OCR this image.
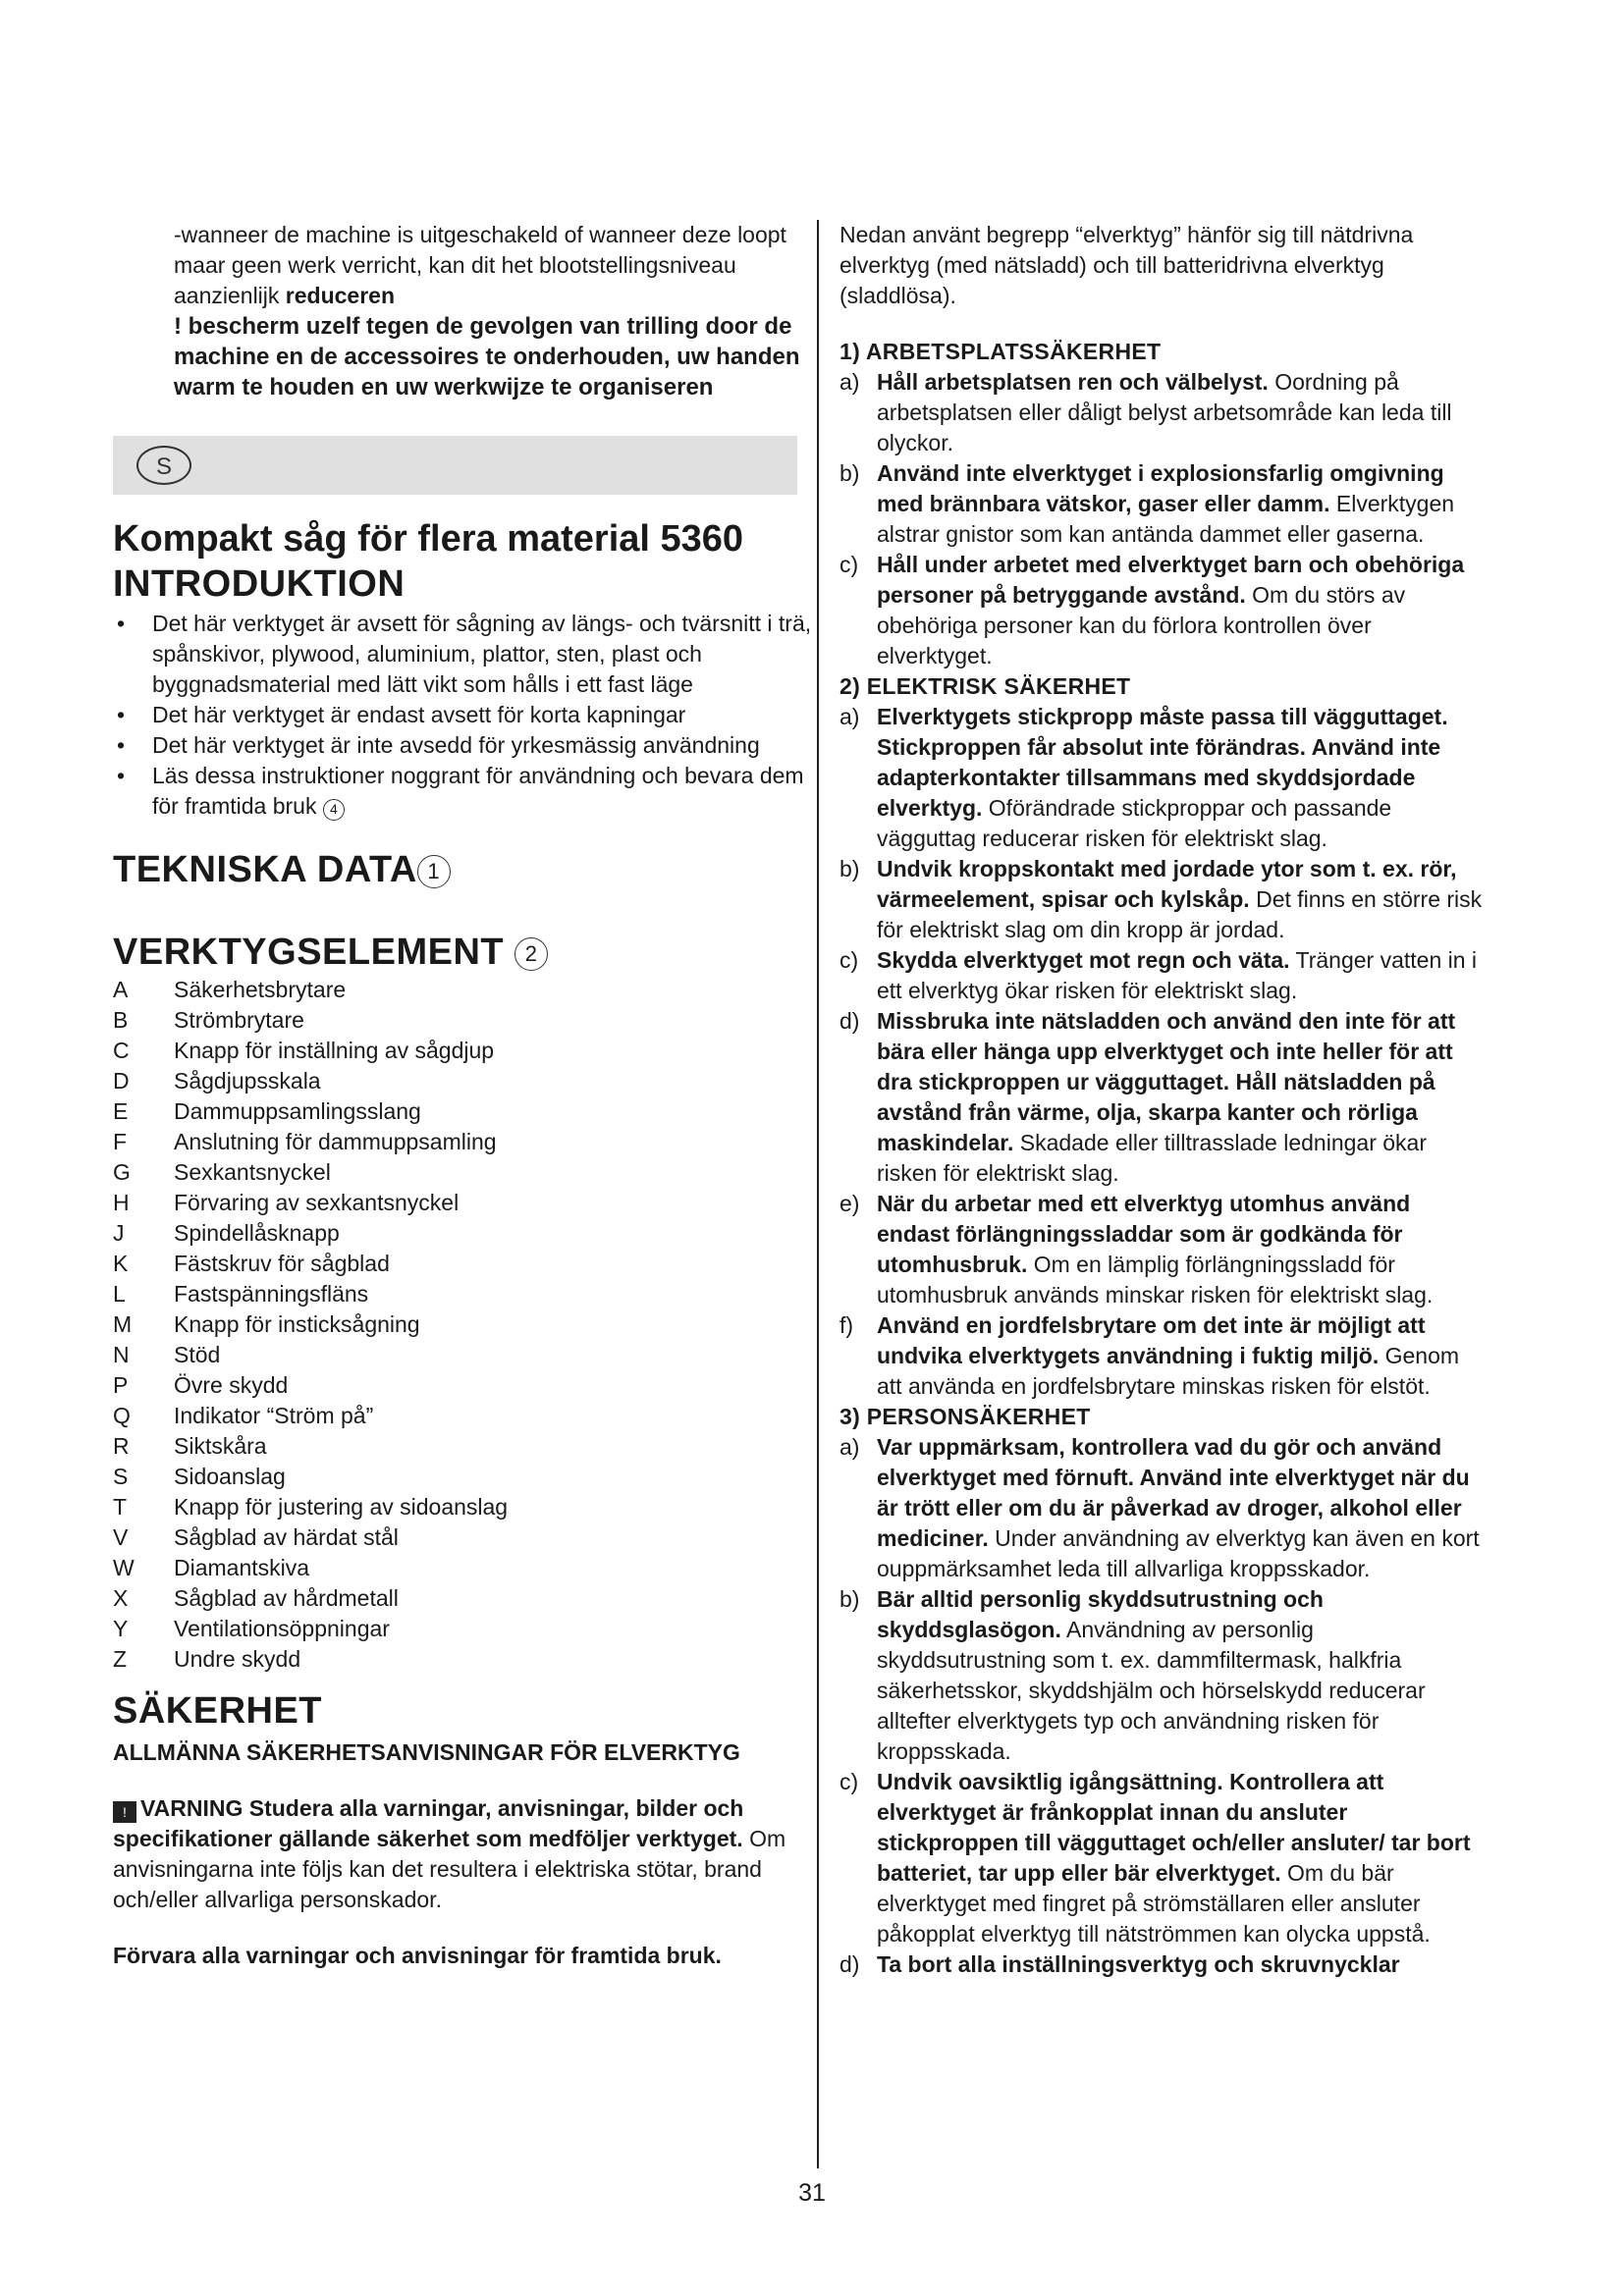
-wanneer de machine is uitgeschakeld of wanneer deze loopt maar geen werk verricht, kan dit het blootstellingsniveau aanzienlijk reduceren

! bescherm uzelf tegen de gevolgen van trilling door de machine en de accessoires te onderhouden, uw handen warm te houden en uw werkwijze te organiseren

S
Kompakt såg för flera material 5360
INTRODUKTION
• Det här verktyget är avsett för sågning av längs- och tvärsnitt i trä, spånskivor, plywood, aluminium, plattor, sten, plast och byggnadsmaterial med lätt vikt som hålls i ett fast läge
• Det här verktyget är endast avsett för korta kapningar
• Det här verktyget är inte avsedd för yrkesmässig användning
• Läs dessa instruktioner noggrant för användning och bevara dem för framtida bruk 4
TEKNISKA DATA 1
VERKTYGSELEMENT 2
A	Säkerhetsbrytare
B	Strömbrytare
C	Knapp för inställning av sågdjup
D	Sågdjupsskala
E	Dammuppsamlingsslang
F	Anslutning för dammuppsamling
G	Sexkantsnyckel
H	Förvaring av sexkantsnyckel
J	Spindellåsknapp
K	Fästskruv för sågblad
L	Fastspänningsfläns
M	Knapp för insticksågning
N	Stöd
P	Övre skydd
Q	Indikator “Ström på”
R	Siktskåra
S	Sidoanslag
T	Knapp för justering av sidoanslag
V	Sågblad av härdat stål
W	Diamantskiva
X	Sågblad av hårdmetall
Y	Ventilationsöppningar
Z	Undre skydd
SÄKERHET

ALLMÄNNA SÄKERHETSANVISNINGAR FÖR ELVERKTYG

! VARNING Studera alla varningar, anvisningar, bilder och specifikationer gällande säkerhet som medföljer verktyget. Om anvisningarna inte följs kan det resultera i elektriska stötar, brand och/eller allvarliga personskador.

Förvara alla varningar och anvisningar för framtida bruk.

Nedan använt begrepp “elverktyg” hänför sig till nätdrivna elverktyg (med nätsladd) och till batteridrivna elverktyg (sladdlösa).

1) ARBETSPLATSSÄKERHET

a) Håll arbetsplatsen ren och välbelyst. Oordning på arbetsplatsen eller dåligt belyst arbetsområde kan leda till olyckor.
b) Använd inte elverktyget i explosionsfarlig omgivning med brännbara vätskor, gaser eller damm. Elverktygen alstrar gnistor som kan antända dammet eller gaserna.
c) Håll under arbetet med elverktyget barn och obehöriga personer på betryggande avstånd. Om du störs av obehöriga personer kan du förlora kontrollen över elverktyget.

2) ELEKTRISK SÄKERHET

a) Elverktygets stickpropp måste passa till vägguttaget. Stickproppen får absolut inte förändras. Använd inte adapterkontakter tillsammans med skyddsjordade elverktyg. Oförändrade stickproppar och passande vägguttag reducerar risken för elektriskt slag.
b) Undvik kroppskontakt med jordade ytor som t. ex. rör, värmeelement, spisar och kylskåp. Det finns en större risk för elektriskt slag om din kropp är jordad.
c) Skydda elverktyget mot regn och väta. Tränger vatten in i ett elverktyg ökar risken för elektriskt slag.
d) Missbruka inte nätsladden och använd den inte för att bära eller hänga upp elverktyget och inte heller för att dra stickproppen ur vägguttaget. Håll nätsladden på avstånd från värme, olja, skarpa kanter och rörliga maskindelar. Skadade eller tilltrasslade ledningar ökar risken för elektriskt slag.
e) När du arbetar med ett elverktyg utomhus använd endast förlängningssladdar som är godkända för utomhusbruk. Om en lämplig förlängningssladd för utomhusbruk används minskar risken för elektriskt slag.
f)	Använd en jordfelsbrytare om det inte är möjligt att undvika elverktygets användning i fuktig miljö. Genom att använda en jordfelsbrytare minskas risken för elstöt.

3) PERSONSÄKERHET

a) Var uppmärksam, kontrollera vad du gör och använd elverktyget med förnuft. Använd inte elverktyget när du är trött eller om du är påverkad av droger, alkohol eller mediciner. Under användning av elverktyg kan även en kort ouppmärksamhet leda till allvarliga kroppsskador.
b) Bär alltid personlig skyddsutrustning och skyddsglasögon. Användning av personlig skyddsutrustning som t. ex. dammfiltermask, halkfria säkerhetsskor, skyddshjälm och hörselskydd reducerar alltefter elverktygets typ och användning risken för kroppsskada.
c) Undvik oavsiktlig igångsättning. Kontrollera att elverktyget är frånkopplat innan du ansluter stickproppen till vägguttaget och/eller ansluter/ tar bort batteriet, tar upp eller bär elverktyget. Om du bär elverktyget med fingret på strömställaren eller ansluter påkopplat elverktyg till nätströmmen kan olycka uppstå.
d) Ta bort alla inställningsverktyg och skruvnycklar
31
